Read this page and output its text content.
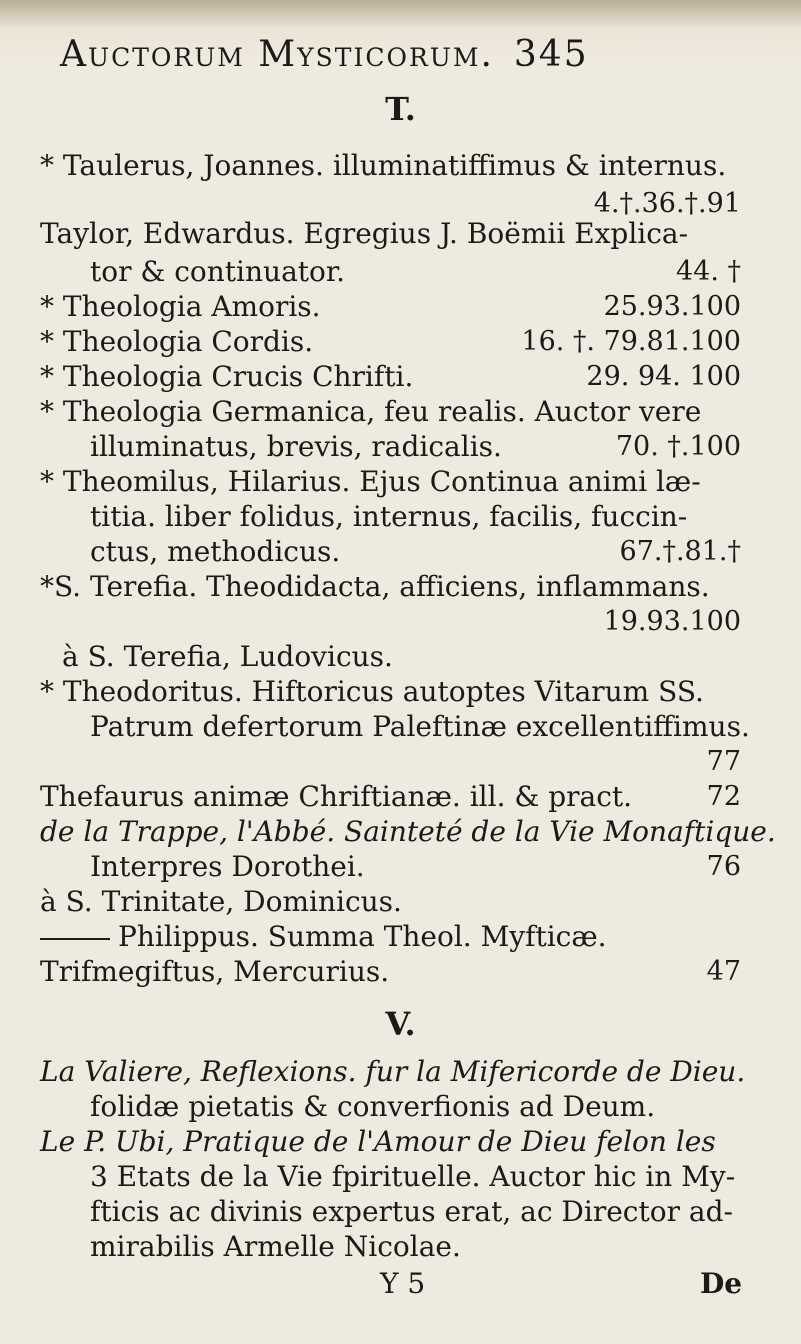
Auctorum Mysticorum. 345
T.
* Taulerus, Joannes. illuminatiffimus & internus.
4.†.36.†.91
Taylor, Edwardus. Egregius J. Boëmii Explica-
tor & continuator.	44. †
* Theologia Amoris.	25.93.100
* Theologia Cordis.	16. †. 79.81.100
* Theologia Crucis Chrifti.	29. 94. 100
* Theologia Germanica, feu realis. Auctor vere
illuminatus, brevis, radicalis.	70. †.100
* Theomilus, Hilarius. Ejus Continua animi læ-
titia. liber folidus, internus, facilis, fuccin-
ctus, methodicus.	67.†.81.†
*S. Terefia. Theodidacta, afficiens, inflammans.
19.93.100
à S. Terefia, Ludovicus.
* Theodoritus. Hiftoricus autoptes Vitarum SS.
Patrum defertorum Paleftinæ excellentiffimus.
77
Thefaurus animæ Chriftianæ. ill. & pract.	72
de la Trappe, l'Abbé. Sainteté de la Vie Monaftique.
Interpres Dorothei.	76
à S. Trinitate, Dominicus.
Philippus. Summa Theol. Myfticæ.
Trifmegiftus, Mercurius.	47
V.
La Valiere, Reflexions. fur la Mifericorde de Dieu.
folidæ pietatis & converfionis ad Deum.
Le P. Ubi, Pratique de l'Amour de Dieu felon les
3 Etats de la Vie fpirituelle. Auctor hic in My-
fticis ac divinis expertus erat, ac Director ad-
mirabilis Armelle Nicolae.
Y 5	De
